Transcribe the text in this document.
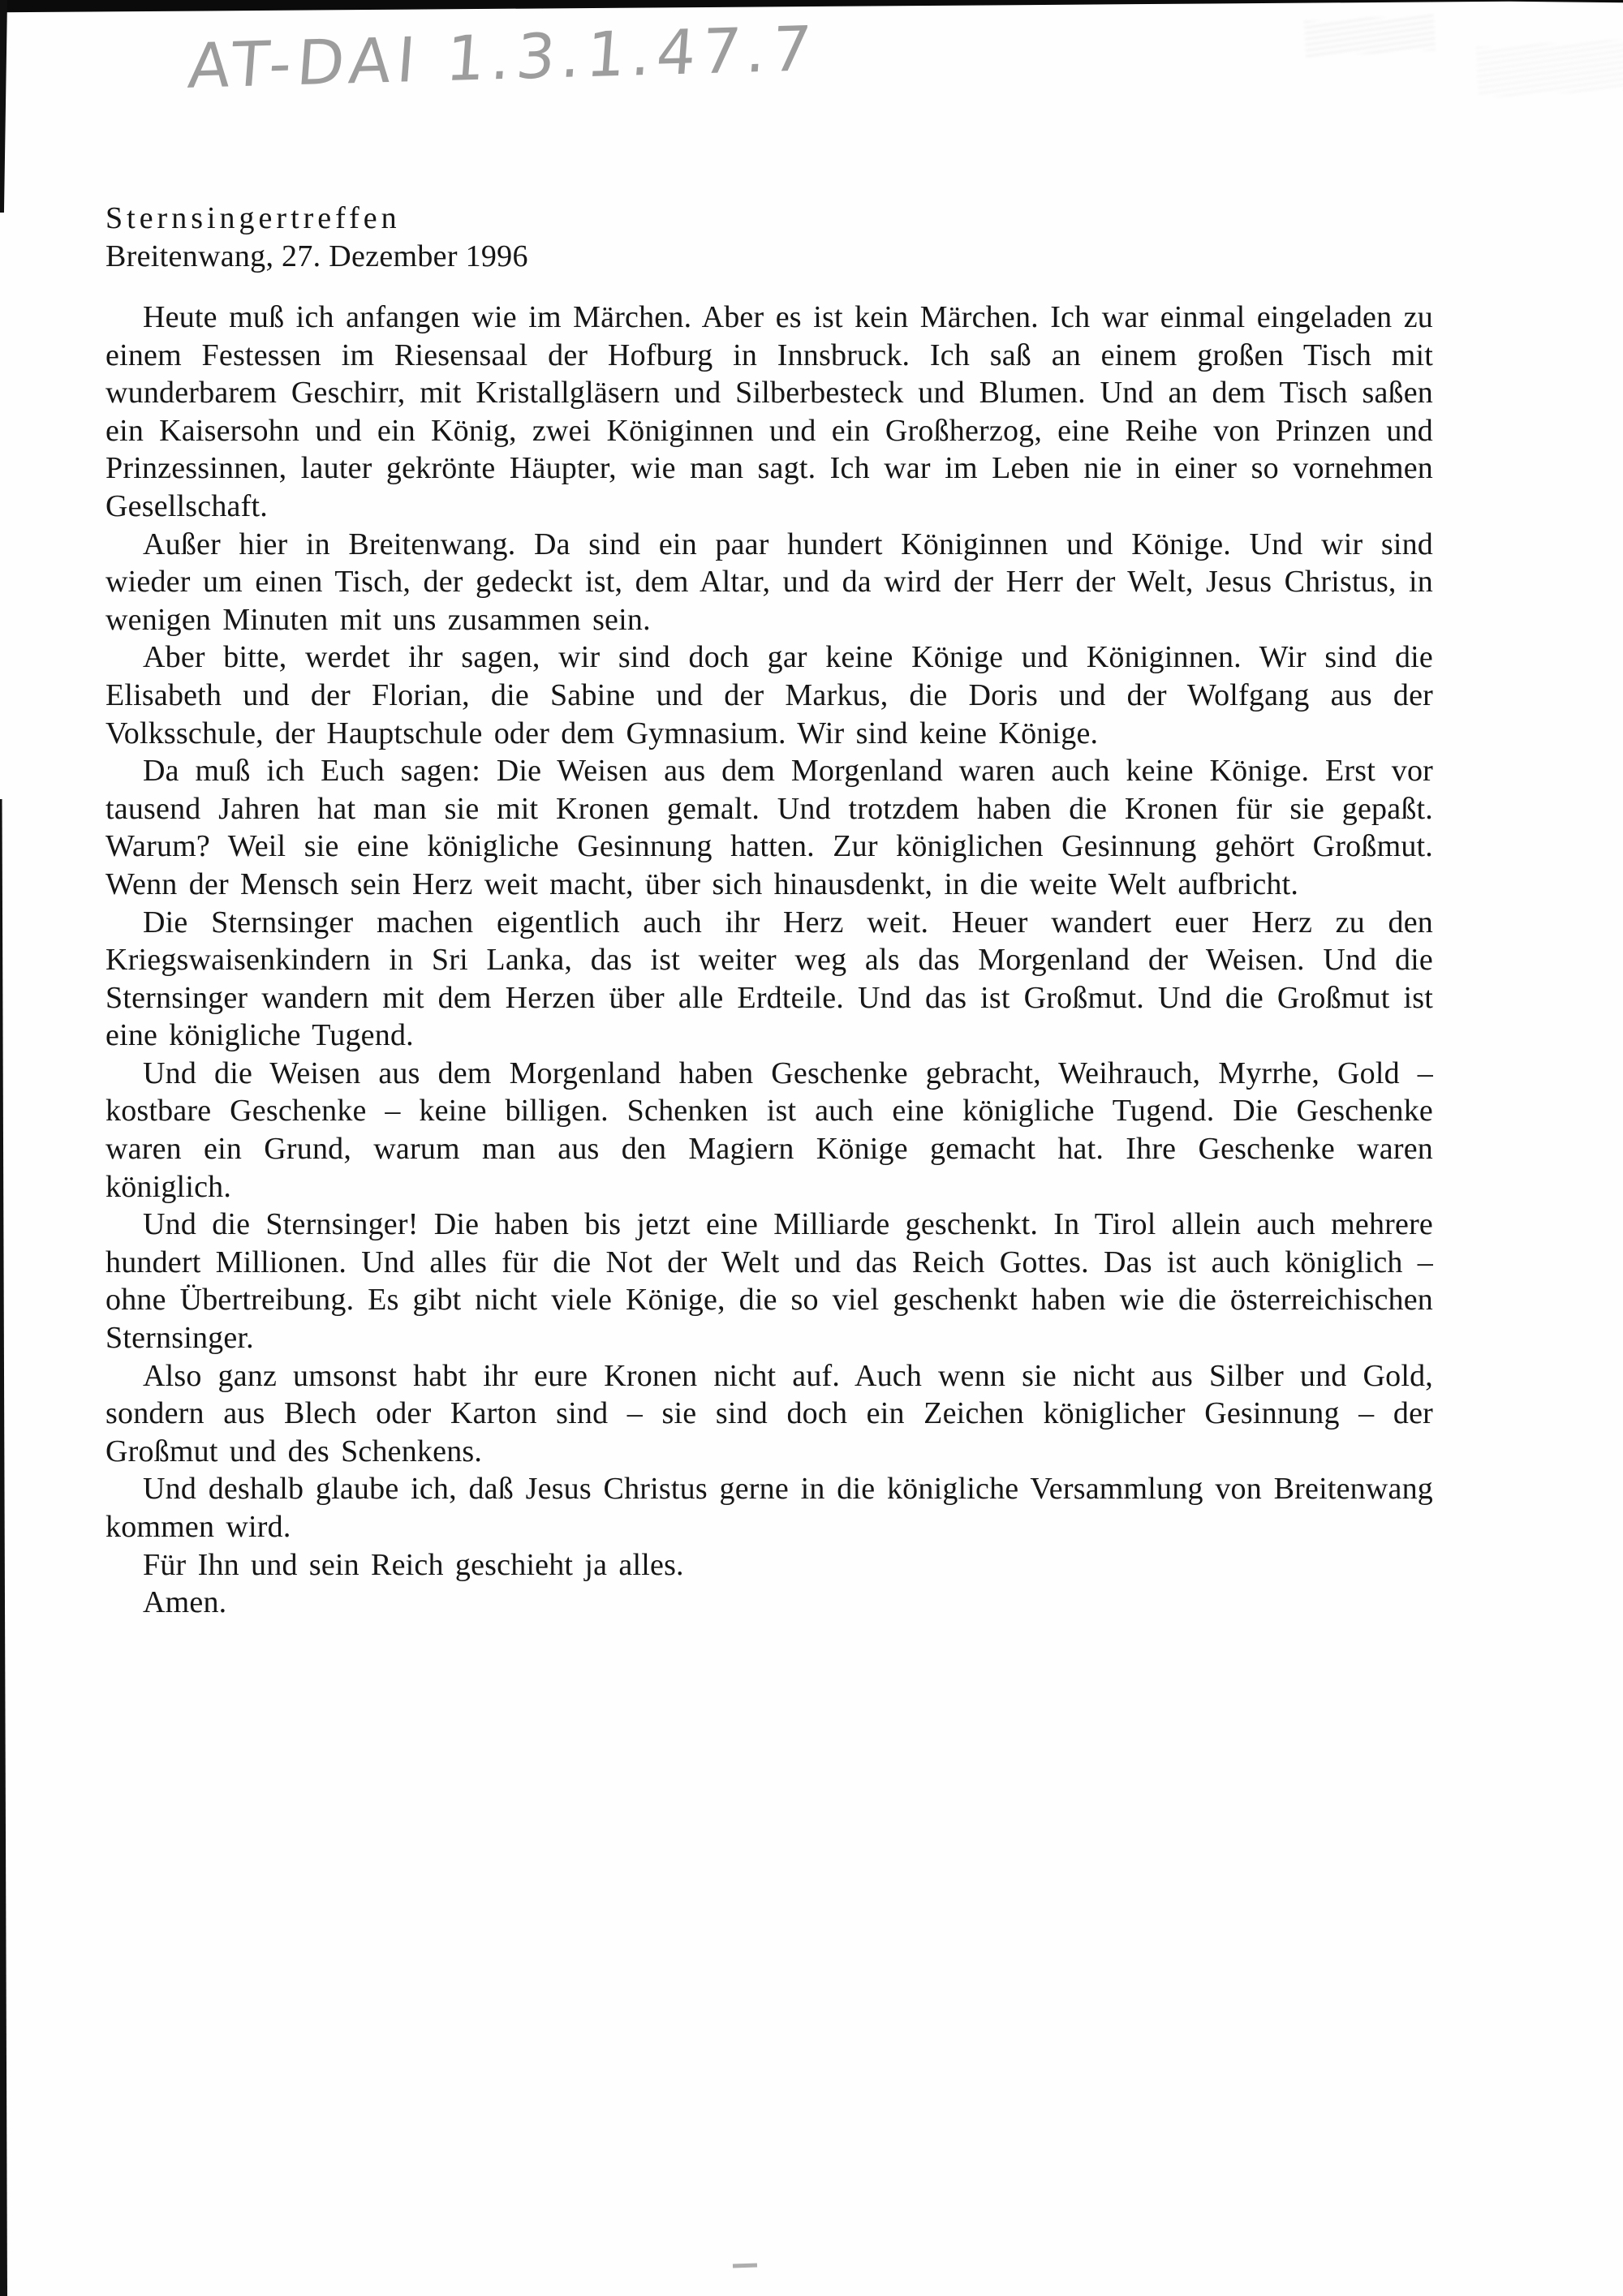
AT-DAI 1.3.1.47.7
Sternsingertreffen
Breitenwang, 27. Dezember 1996

Heute muß ich anfangen wie im Märchen. Aber es ist kein Märchen. Ich war einmal eingeladen zu einem Festessen im Riesensaal der Hofburg in Innsbruck. Ich saß an einem großen Tisch mit wunderbarem Geschirr, mit Kristallgläsern und Silberbesteck und Blumen. Und an dem Tisch saßen ein Kaisersohn und ein König, zwei Königinnen und ein Großherzog, eine Reihe von Prinzen und Prinzessinnen, lauter gekrönte Häupter, wie man sagt. Ich war im Leben nie in einer so vornehmen Gesellschaft.

Außer hier in Breitenwang. Da sind ein paar hundert Königinnen und Könige. Und wir sind wieder um einen Tisch, der gedeckt ist, dem Altar, und da wird der Herr der Welt, Jesus Christus, in wenigen Minuten mit uns zusammen sein.

Aber bitte, werdet ihr sagen, wir sind doch gar keine Könige und Königinnen. Wir sind die Elisabeth und der Florian, die Sabine und der Markus, die Doris und der Wolfgang aus der Volksschule, der Hauptschule oder dem Gymnasium. Wir sind keine Könige.

Da muß ich Euch sagen: Die Weisen aus dem Morgenland waren auch keine Könige. Erst vor tausend Jahren hat man sie mit Kronen gemalt. Und trotzdem haben die Kronen für sie gepaßt. Warum? Weil sie eine königliche Gesinnung hatten. Zur königlichen Gesinnung gehört Großmut. Wenn der Mensch sein Herz weit macht, über sich hinausdenkt, in die weite Welt aufbricht.

Die Sternsinger machen eigentlich auch ihr Herz weit. Heuer wandert euer Herz zu den Kriegswaisenkindern in Sri Lanka, das ist weiter weg als das Morgenland der Weisen. Und die Sternsinger wandern mit dem Herzen über alle Erdteile. Und das ist Großmut. Und die Großmut ist eine königliche Tugend.

Und die Weisen aus dem Morgenland haben Geschenke gebracht, Weihrauch, Myrrhe, Gold – kostbare Geschenke – keine billigen. Schenken ist auch eine königliche Tugend. Die Geschenke waren ein Grund, warum man aus den Magiern Könige gemacht hat. Ihre Geschenke waren königlich.

Und die Sternsinger! Die haben bis jetzt eine Milliarde geschenkt. In Tirol allein auch mehrere hundert Millionen. Und alles für die Not der Welt und das Reich Gottes. Das ist auch königlich – ohne Übertreibung. Es gibt nicht viele Könige, die so viel geschenkt haben wie die österreichischen Sternsinger.

Also ganz umsonst habt ihr eure Kronen nicht auf. Auch wenn sie nicht aus Silber und Gold, sondern aus Blech oder Karton sind – sie sind doch ein Zeichen königlicher Gesinnung – der Großmut und des Schenkens.

Und deshalb glaube ich, daß Jesus Christus gerne in die königliche Versammlung von Breitenwang kommen wird.

Für Ihn und sein Reich geschieht ja alles.

Amen.
